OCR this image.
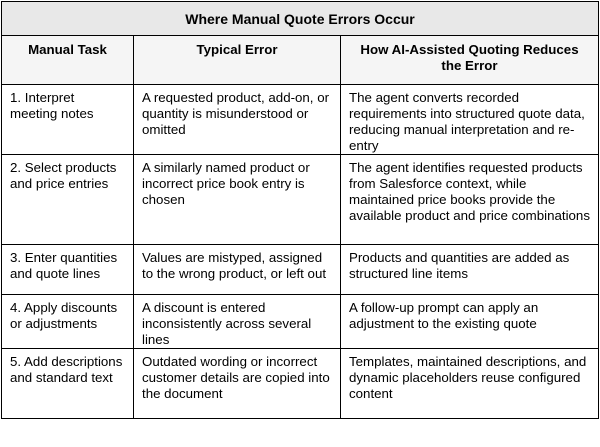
Where Manual Quote Errors Occur		
Manual Task	Typical Error	How AI-Assisted Quoting Reduces the Error
1. Interpret meeting notes	A requested product, add-on, or quantity is misunderstood or omitted	The agent converts recorded requirements into structured quote data, reducing manual interpretation and re-entry
2. Select products and price entries	A similarly named product or incorrect price book entry is chosen	The agent identifies requested products from Salesforce context, while maintained price books provide the available product and price combinations
3. Enter quantities and quote lines	Values are mistyped, assigned to the wrong product, or left out	Products and quantities are added as structured line items
4. Apply discounts or adjustments	A discount is entered inconsistently across several lines	A follow-up prompt can apply an adjustment to the existing quote
5. Add descriptions and standard text	Outdated wording or incorrect customer details are copied into the document	Templates, maintained descriptions, and dynamic placeholders reuse configured content
